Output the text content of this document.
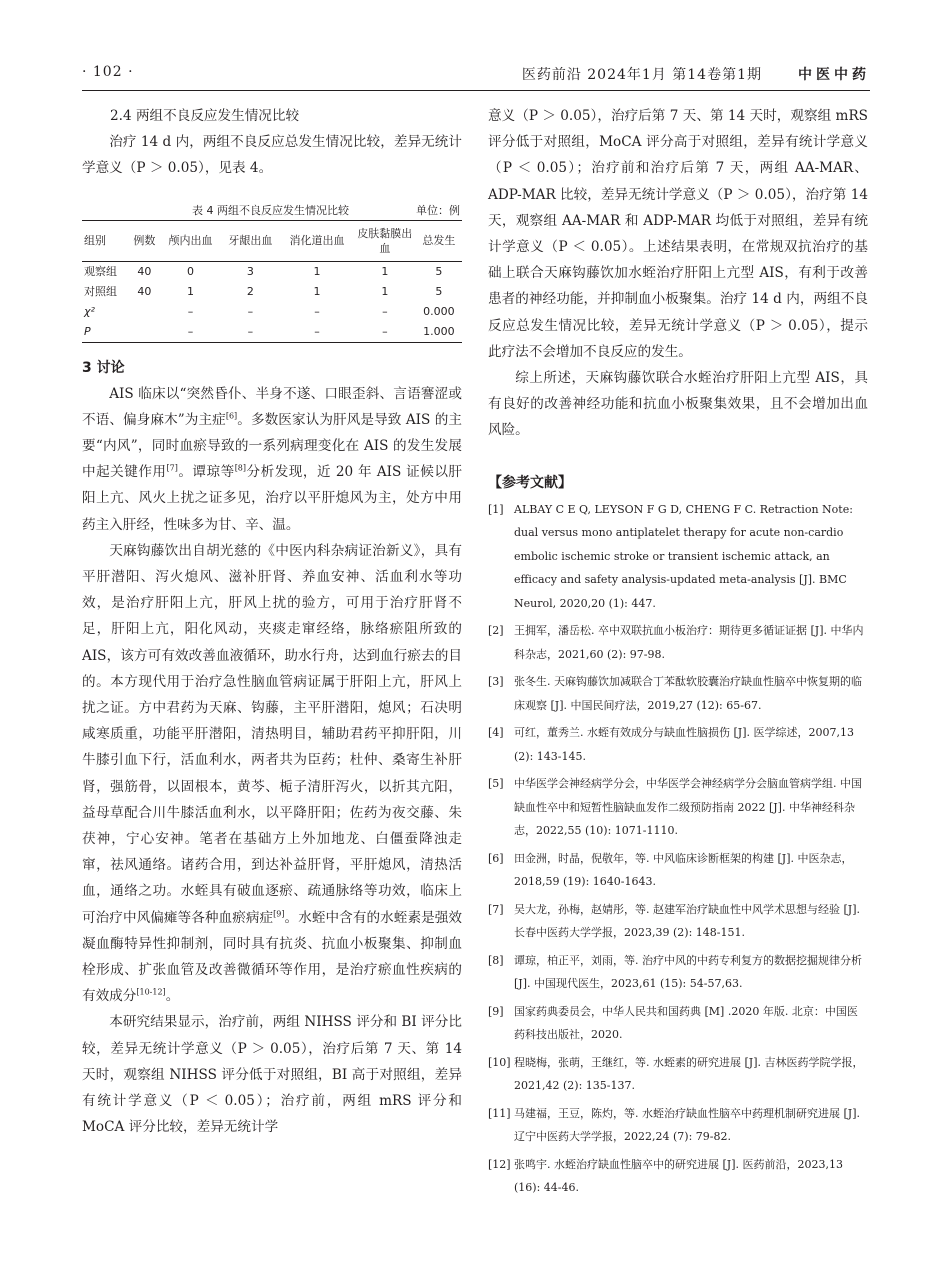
· 102 ·	医药前沿 2024年1月 第14卷第1期	中医中药

2.4 两组不良反应发生情况比较

治疗 14 d 内，两组不良反应总发生情况比较，差异无统计学意义（P ＞ 0.05），见表 4。

表 4 两组不良反应发生情况比较	单位：例
组别	例数	颅内出血	牙龈出血	消化道出血	皮肤黏膜出血	总发生
观察组	40	0	3	1	1	5
对照组	40	1	2	1	1	5
χ²		–	–	–	–	0.000
P		–	–	–	–	1.000

3 讨论

AIS 临床以“突然昏仆、半身不遂、口眼歪斜、言语謇涩或不语、偏身麻木”为主症[6]。多数医家认为肝风是导致 AIS 的主要“内风”，同时血瘀导致的一系列病理变化在 AIS 的发生发展中起关键作用[7]。谭琼等[8]分析发现，近 20 年 AIS 证候以肝阳上亢、风火上扰之证多见，治疗以平肝熄风为主，处方中用药主入肝经，性味多为甘、辛、温。

天麻钩藤饮出自胡光慈的《中医内科杂病证治新义》，具有平肝潜阳、泻火熄风、滋补肝肾、养血安神、活血利水等功效，是治疗肝阳上亢，肝风上扰的验方，可用于治疗肝肾不足，肝阳上亢，阳化风动，夹痰走窜经络，脉络瘀阻所致的 AIS，该方可有效改善血液循环，助水行舟，达到血行瘀去的目的。本方现代用于治疗急性脑血管病证属于肝阳上亢，肝风上扰之证。方中君药为天麻、钩藤，主平肝潜阳，熄风；石决明咸寒质重，功能平肝潜阳，清热明目，辅助君药平抑肝阳，川牛膝引血下行，活血利水，两者共为臣药；杜仲、桑寄生补肝肾，强筋骨，以固根本，黄芩、栀子清肝泻火，以折其亢阳，益母草配合川牛膝活血利水，以平降肝阳；佐药为夜交藤、朱茯神，宁心安神。笔者在基础方上外加地龙、白僵蚕降浊走窜，祛风通络。诸药合用，到达补益肝肾，平肝熄风，清热活血，通络之功。水蛭具有破血逐瘀、疏通脉络等功效，临床上可治疗中风偏瘫等各种血瘀病症[9]。水蛭中含有的水蛭素是强效凝血酶特异性抑制剂，同时具有抗炎、抗血小板聚集、抑制血栓形成、扩张血管及改善微循环等作用，是治疗瘀血性疾病的有效成分[10-12]。

本研究结果显示，治疗前，两组 NIHSS 评分和 BI 评分比较，差异无统计学意义（P ＞ 0.05），治疗后第 7 天、第 14 天时，观察组 NIHSS 评分低于对照组，BI 高于对照组，差异有统计学意义（P ＜ 0.05）；治疗前，两组 mRS 评分和 MoCA 评分比较，差异无统计学

意义（P ＞ 0.05），治疗后第 7 天、第 14 天时，观察组 mRS 评分低于对照组，MoCA 评分高于对照组，差异有统计学意义（P ＜ 0.05）；治疗前和治疗后第 7 天，两组 AA-MAR、ADP-MAR 比较，差异无统计学意义（P ＞ 0.05），治疗第 14 天，观察组 AA-MAR 和 ADP-MAR 均低于对照组，差异有统计学意义（P ＜ 0.05）。上述结果表明，在常规双抗治疗的基础上联合天麻钩藤饮加水蛭治疗肝阳上亢型 AIS，有利于改善患者的神经功能，并抑制血小板聚集。治疗 14 d 内，两组不良反应总发生情况比较，差异无统计学意义（P ＞ 0.05），提示此疗法不会增加不良反应的发生。

综上所述，天麻钩藤饮联合水蛭治疗肝阳上亢型 AIS，具有良好的改善神经功能和抗血小板聚集效果，且不会增加出血风险。

【参考文献】

[1] ALBAY C E Q, LEYSON F G D, CHENG F C. Retraction Note: dual versus mono antiplatelet therapy for acute non-cardio embolic ischemic stroke or transient ischemic attack, an efficacy and safety analysis-updated meta-analysis [J]. BMC Neurol, 2020,20 (1): 447.

[2] 王拥军，潘岳松. 卒中双联抗血小板治疗：期待更多循证证据 [J]. 中华内科杂志，2021,60 (2): 97-98.

[3] 张冬生. 天麻钩藤饮加减联合丁苯酞软胶囊治疗缺血性脑卒中恢复期的临床观察 [J]. 中国民间疗法，2019,27 (12): 65-67.

[4] 可红，董秀兰. 水蛭有效成分与缺血性脑损伤 [J]. 医学综述，2007,13 (2): 143-145.

[5] 中华医学会神经病学分会，中华医学会神经病学分会脑血管病学组. 中国缺血性卒中和短暂性脑缺血发作二级预防指南 2022 [J]. 中华神经科杂志，2022,55 (10): 1071-1110.

[6] 田金洲，时晶，倪敬年，等. 中风临床诊断框架的构建 [J]. 中医杂志，2018,59 (19): 1640-1643.

[7] 吴大龙，孙梅，赵婧彤，等. 赵建军治疗缺血性中风学术思想与经验 [J]. 长春中医药大学学报，2023,39 (2): 148-151.

[8] 谭琼，柏正平，刘雨，等. 治疗中风的中药专利复方的数据挖掘规律分析 [J]. 中国现代医生，2023,61 (15): 54-57,63.

[9] 国家药典委员会，中华人民共和国药典 [M] .2020 年版. 北京：中国医药科技出版社，2020.

[10] 程晓梅，张萌，王继红，等. 水蛭素的研究进展 [J]. 吉林医药学院学报，2021,42 (2): 135-137.

[11] 马建福，王豆，陈灼，等. 水蛭治疗缺血性脑卒中药理机制研究进展 [J]. 辽宁中医药大学学报，2022,24 (7): 79-82.

[12] 张鸣宇. 水蛭治疗缺血性脑卒中的研究进展 [J]. 医药前沿，2023,13 (16): 44-46.
